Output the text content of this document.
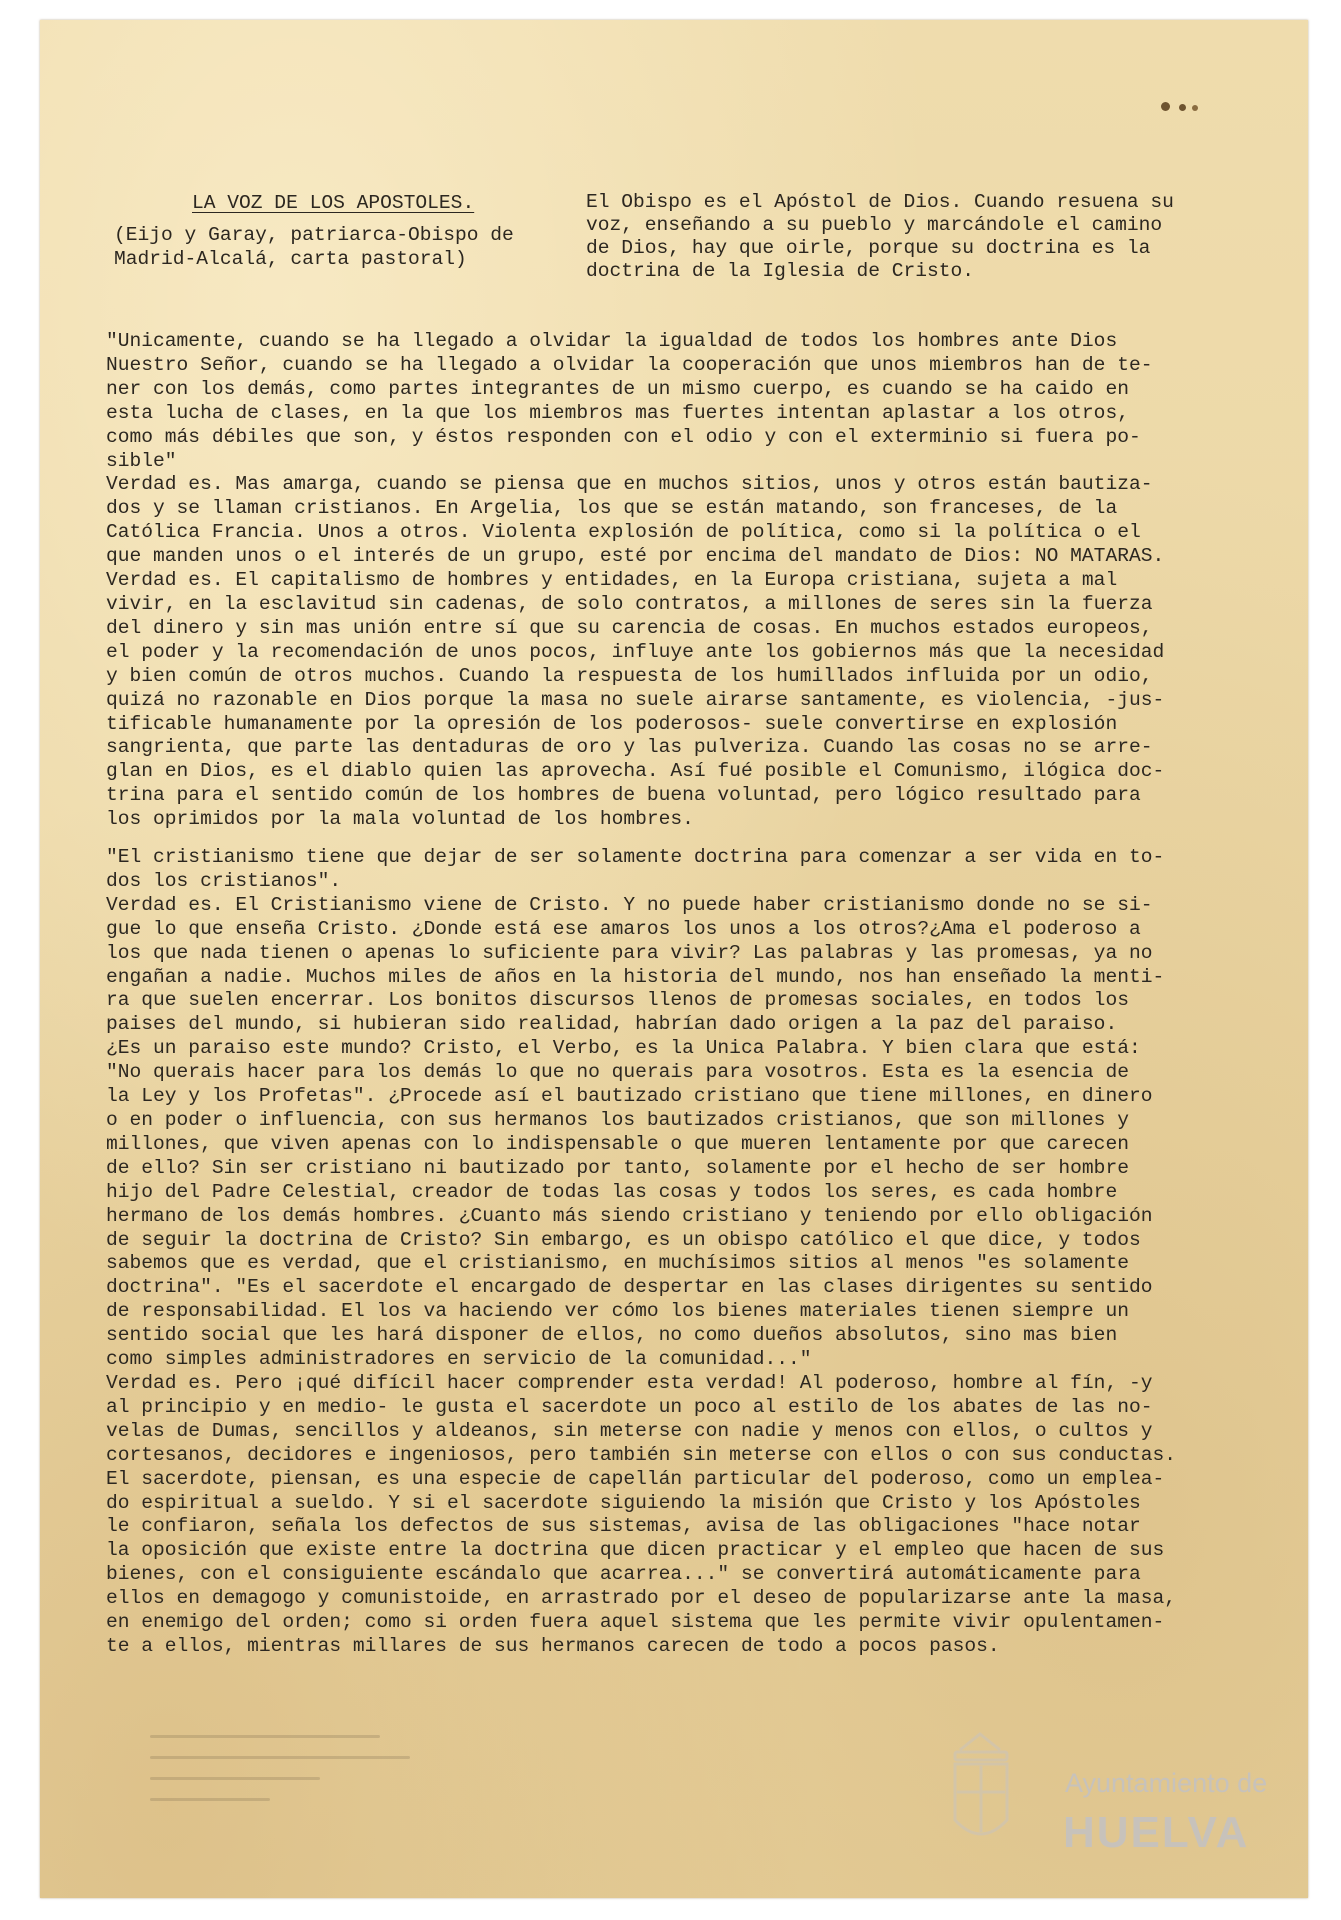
LA VOZ DE LOS APOSTOLES.

(Eijo y Garay, patriarca-Obispo de

Madrid-Alcalá, carta pastoral)

El Obispo es el Apóstol de Dios. Cuando resuena su

voz, enseñando a su pueblo y marcándole el camino

de Dios, hay que oirle, porque su doctrina es la

doctrina de la Iglesia de Cristo.

"Unicamente, cuando se ha llegado a olvidar la igualdad de todos los hombres ante Dios

Nuestro Señor, cuando se ha llegado a olvidar la cooperación que unos miembros han de te-

ner con los demás, como partes integrantes de un mismo cuerpo, es cuando se ha caido en

esta lucha de clases, en la que los miembros mas fuertes intentan aplastar a los otros,

como más débiles que son, y éstos responden con el odio y con el exterminio si fuera po-

sible"

Verdad es. Mas amarga, cuando se piensa que en muchos sitios, unos y otros están bautiza-

dos y se llaman cristianos. En Argelia, los que se están matando, son franceses, de la

Católica Francia. Unos a otros. Violenta explosión de política, como si la política o el

que manden unos o el interés de un grupo, esté por encima del mandato de Dios: NO MATARAS.

Verdad es. El capitalismo de hombres y entidades, en la Europa cristiana, sujeta a mal

vivir, en la esclavitud sin cadenas, de solo contratos, a millones de seres sin la fuerza

del dinero y sin mas unión entre sí que su carencia de cosas. En muchos estados europeos,

el poder y la recomendación de unos pocos, influye ante los gobiernos más que la necesidad

y bien común de otros muchos. Cuando la respuesta de los humillados influida por un odio,

quizá no razonable en Dios porque la masa no suele airarse santamente, es violencia, -jus-

tificable humanamente por la opresión de los poderosos- suele convertirse en explosión

sangrienta, que parte las dentaduras de oro y las pulveriza. Cuando las cosas no se arre-

glan en Dios, es el diablo quien las aprovecha. Así fué posible el Comunismo, ilógica doc-

trina para el sentido común de los hombres de buena voluntad, pero lógico resultado para

los oprimidos por la mala voluntad de los hombres.

"El cristianismo tiene que dejar de ser solamente doctrina para comenzar a ser vida en to-

dos los cristianos".

Verdad es. El Cristianismo viene de Cristo. Y no puede haber cristianismo donde no se si-

gue lo que enseña Cristo. ¿Donde está ese amaros los unos a los otros?¿Ama el poderoso a

los que nada tienen o apenas lo suficiente para vivir? Las palabras y las promesas, ya no

engañan a nadie. Muchos miles de años en la historia del mundo, nos han enseñado la menti-

ra que suelen encerrar. Los bonitos discursos llenos de promesas sociales, en todos los

paises del mundo, si hubieran sido realidad, habrían dado origen a la paz del paraiso.

¿Es un paraiso este mundo? Cristo, el Verbo, es la Unica Palabra. Y bien clara que está:

"No querais hacer para los demás lo que no querais para vosotros. Esta es la esencia de

la Ley y los Profetas". ¿Procede así el bautizado cristiano que tiene millones, en dinero

o en poder o influencia, con sus hermanos los bautizados cristianos, que son millones y

millones, que viven apenas con lo indispensable o que mueren lentamente por que carecen

de ello? Sin ser cristiano ni bautizado por tanto, solamente por el hecho de ser hombre

hijo del Padre Celestial, creador de todas las cosas y todos los seres, es cada hombre

hermano de los demás hombres. ¿Cuanto más siendo cristiano y teniendo por ello obligación

de seguir la doctrina de Cristo? Sin embargo, es un obispo católico el que dice, y todos

sabemos que es verdad, que el cristianismo, en muchísimos sitios al menos "es solamente

doctrina". "Es el sacerdote el encargado de despertar en las clases dirigentes su sentido

de responsabilidad. El los va haciendo ver cómo los bienes materiales tienen siempre un

sentido social que les hará disponer de ellos, no como dueños absolutos, sino mas bien

como simples administradores en servicio de la comunidad..."

Verdad es. Pero ¡qué difícil hacer comprender esta verdad! Al poderoso, hombre al fín, -y

al principio y en medio- le gusta el sacerdote un poco al estilo de los abates de las no-

velas de Dumas, sencillos y aldeanos, sin meterse con nadie y menos con ellos, o cultos y

cortesanos, decidores e ingeniosos, pero también sin meterse con ellos o con sus conductas.

El sacerdote, piensan, es una especie de capellán particular del poderoso, como un emplea-

do espiritual a sueldo. Y si el sacerdote siguiendo la misión que Cristo y los Apóstoles

le confiaron, señala los defectos de sus sistemas, avisa de las obligaciones "hace notar

la oposición que existe entre la doctrina que dicen practicar y el empleo que hacen de sus

bienes, con el consiguiente escándalo que acarrea..." se convertirá automáticamente para

ellos en demagogo y comunistoide, en arrastrado por el deseo de popularizarse ante la masa,

en enemigo del orden; como si orden fuera aquel sistema que les permite vivir opulentamen-

te a ellos, mientras millares de sus hermanos carecen de todo a pocos pasos.

Ayuntamiento de
HUELVA
